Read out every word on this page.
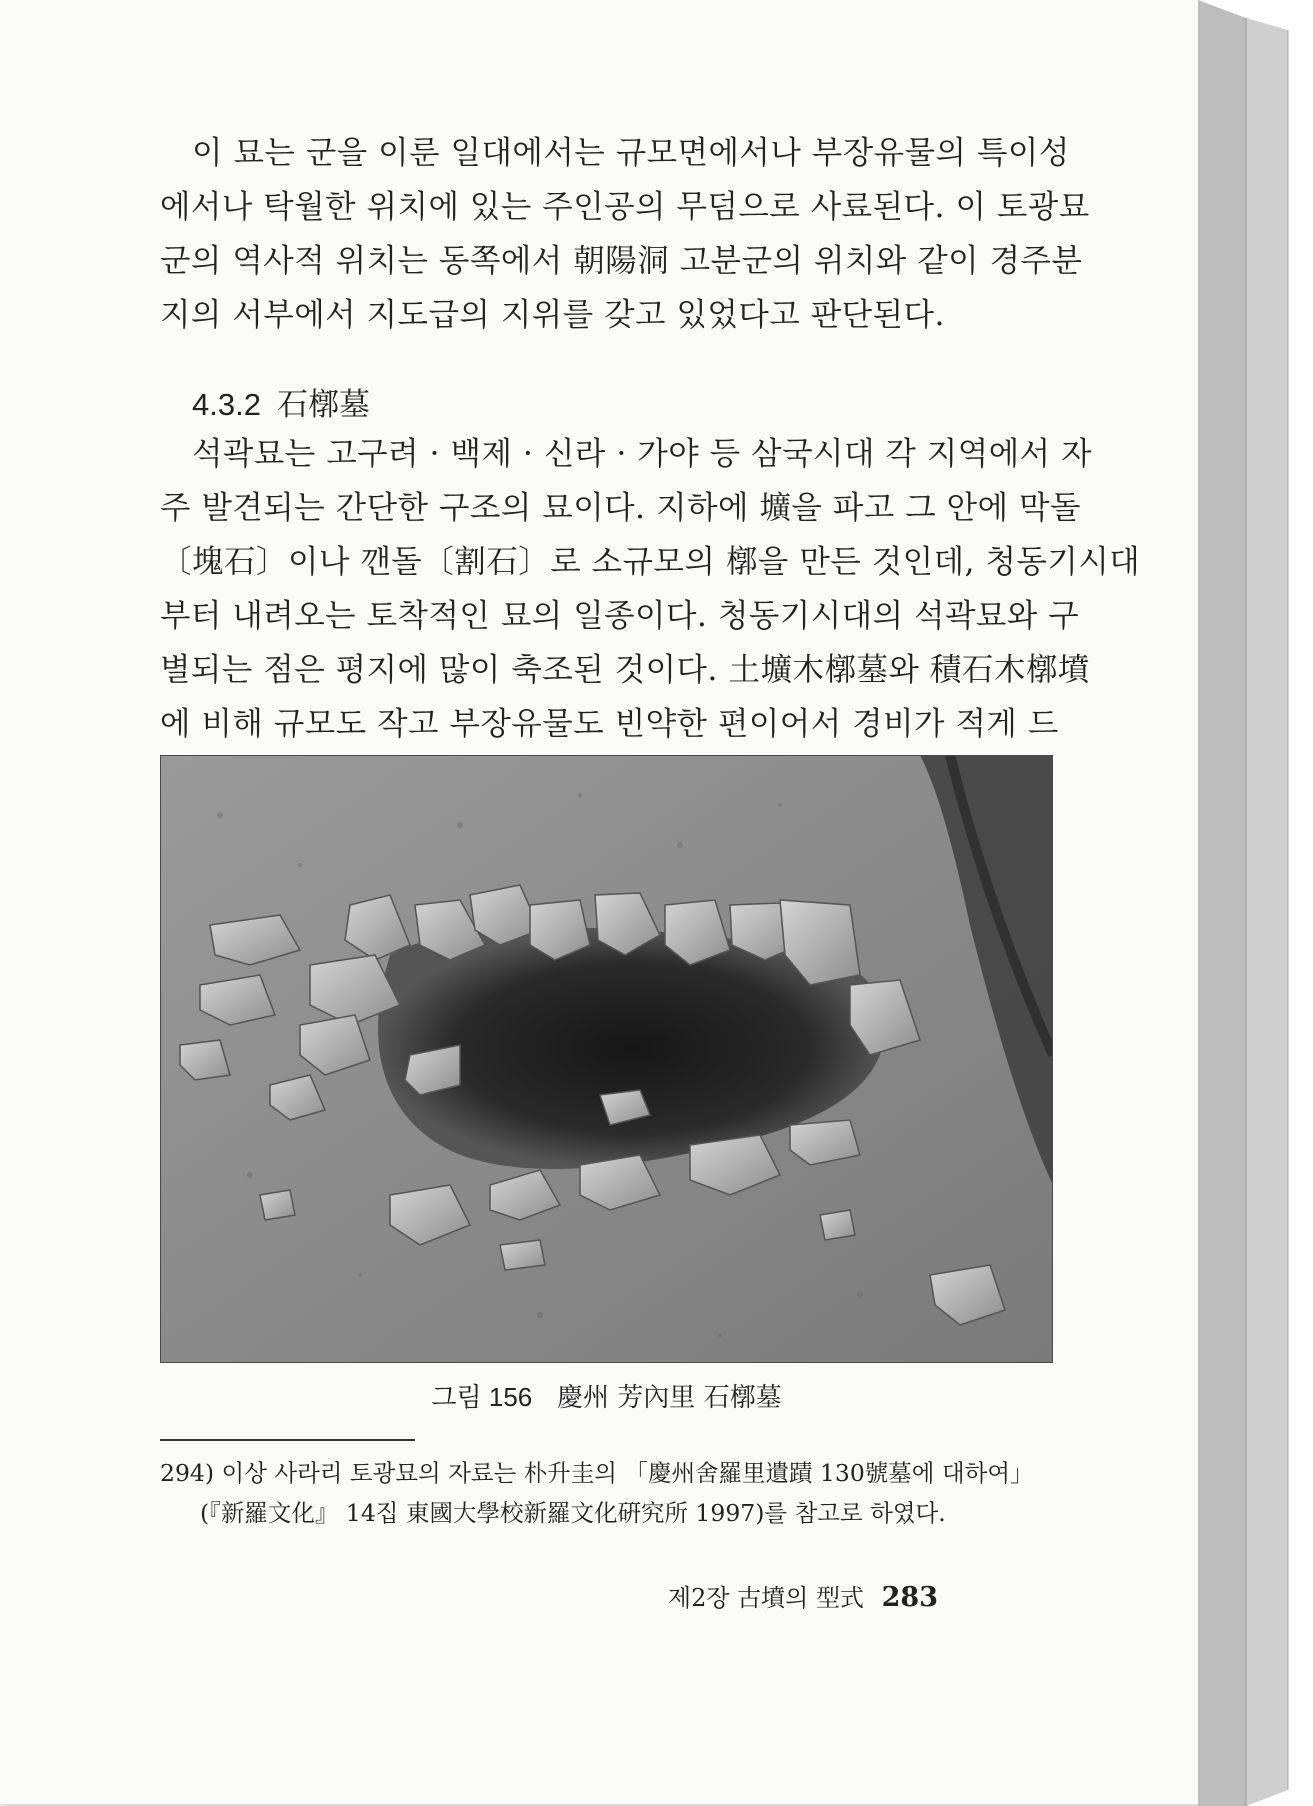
이 묘는 군을 이룬 일대에서는 규모면에서나 부장유물의 특이성
에서나 탁월한 위치에 있는 주인공의 무덤으로 사료된다. 이 토광묘
군의 역사적 위치는 동쪽에서 朝陽洞 고분군의 위치와 같이 경주분
지의 서부에서 지도급의 지위를 갖고 있었다고 판단된다.
4.3.2 石槨墓
석곽묘는 고구려 · 백제 · 신라 · 가야 등 삼국시대 각 지역에서 자
주 발견되는 간단한 구조의 묘이다. 지하에 壙을 파고 그 안에 막돌
〔塊石〕이나 깬돌〔割石〕로 소규모의 槨을 만든 것인데, 청동기시대
부터 내려오는 토착적인 묘의 일종이다. 청동기시대의 석곽묘와 구
별되는 점은 평지에 많이 축조된 것이다. 土壙木槨墓와 積石木槨墳
에 비해 규모도 작고 부장유물도 빈약한 편이어서 경비가 적게 드

그림 156 慶州 芳內里 石槨墓

294) 이상 사라리 토광묘의 자료는 朴升圭의 「慶州舍羅里遺蹟 130號墓에 대하여」

(『新羅文化』 14집 東國大學校新羅文化硏究所 1997)를 참고로 하였다.

제2장 古墳의 型式 283
